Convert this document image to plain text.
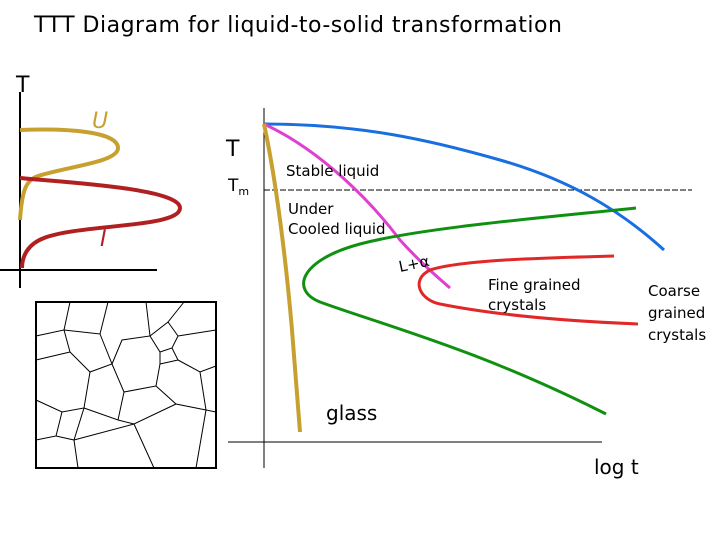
TTT Diagram for liquid-to-solid transformation
T
U
I
T
$T_m$
Stable liquid
Under
Cooled liquid
L+α
Fine grained
crystals
Coarse
grained
crystals
glass
log t
